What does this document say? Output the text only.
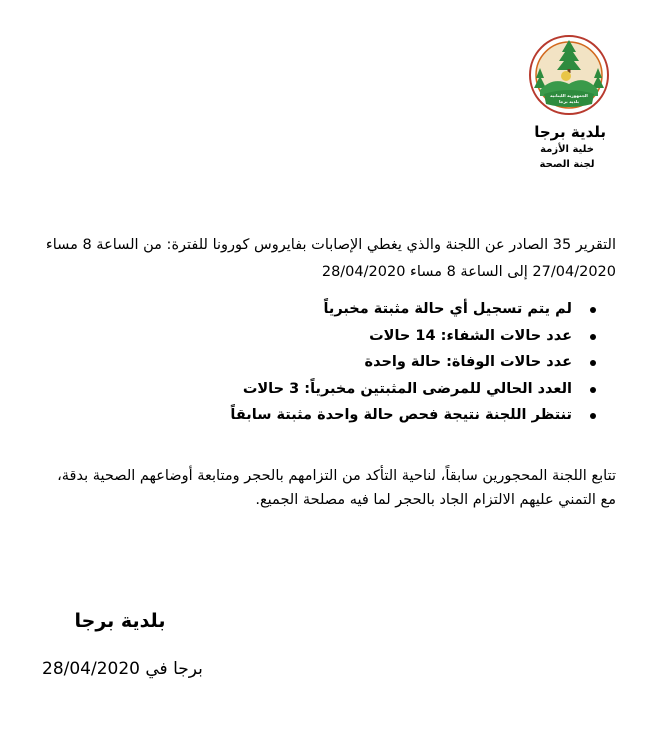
الجمهورية اللبنانية
بلدية برجا
بلدية برجا
خلية الأزمة
لجنة الصحة

التقرير 35 الصادر عن اللجنة والذي يغطي الإصابات بفايروس كورونا للفترة: من الساعة 8 مساء 27/04/2020 إلى الساعة 8 مساء 28/04/2020

لم يتم تسجيل أي حالة مثبتة مخبرياً
عدد حالات الشفاء: 14 حالات
عدد حالات الوفاة: حالة واحدة
العدد الحالي للمرضى المثبتين مخبرياً: 3 حالات
تنتظر اللجنة نتيجة فحص حالة واحدة مثبتة سابقاً

تتابع اللجنة المحجورين سابقاً، لناحية التأكد من التزامهم بالحجر ومتابعة أوضاعهم الصحية بدقة، مع التمني عليهم الالتزام الجاد بالحجر لما فيه مصلحة الجميع.

بلدية برجا
برجا في 28/04/2020
